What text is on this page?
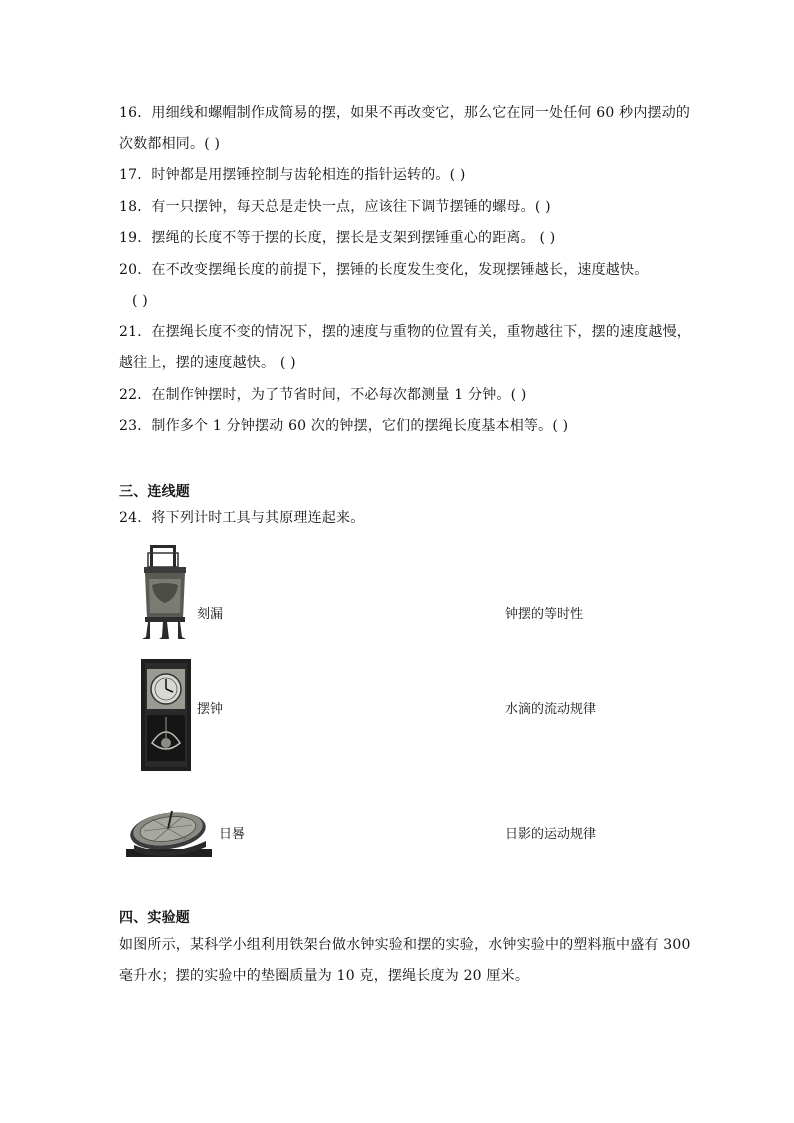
16．用细线和螺帽制作成简易的摆，如果不再改变它，那么它在同一处任何 60 秒内摆动的
次数都相同。( )
17．时钟都是用摆锤控制与齿轮相连的指针运转的。( )
18．有一只摆钟，每天总是走快一点，应该往下调节摆锤的螺母。( )
19．摆绳的长度不等于摆的长度，摆长是支架到摆锤重心的距离。 ( )
20．在不改变摆绳长度的前提下，摆锤的长度发生变化，发现摆锤越长，速度越快。
( )
21．在摆绳长度不变的情况下，摆的速度与重物的位置有关，重物越往下，摆的速度越慢，
越往上，摆的速度越快。 ( )
22．在制作钟摆时，为了节省时间，不必每次都测量 1 分钟。( )
23．制作多个 1 分钟摆动 60 次的钟摆，它们的摆绳长度基本相等。( )
三、连线题
24．将下列计时工具与其原理连起来。
刻漏
摆钟
日晷
钟摆的等时性
水滴的流动规律
日影的运动规律
四、实验题
如图所示，某科学小组利用铁架台做水钟实验和摆的实验，水钟实验中的塑料瓶中盛有 300
毫升水；摆的实验中的垫圈质量为 10 克，摆绳长度为 20 厘米。
